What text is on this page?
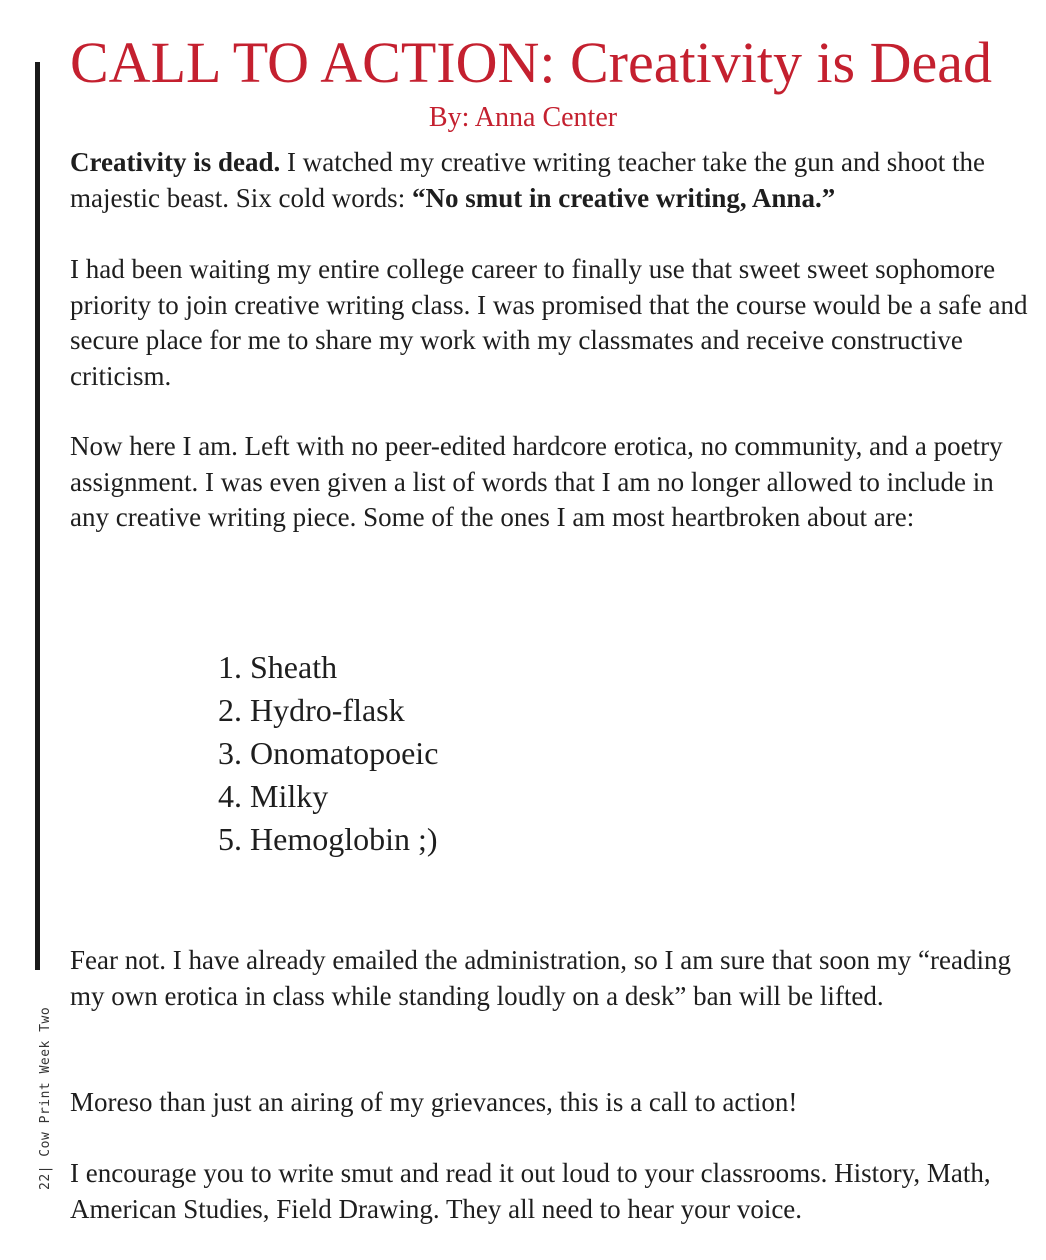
22| Cow Print Week Two
CALL TO ACTION: Creativity is Dead
By: Anna Center

Creativity is dead. I watched my creative writing teacher take the gun and shoot the majestic beast. Six cold words: “No smut in creative writing, Anna.”

I had been waiting my entire college career to finally use that sweet sweet sophomore priority to join creative writing class. I was promised that the course would be a safe and secure place for me to share my work with my classmates and receive constructive criticism.

Now here I am. Left with no peer-edited hardcore erotica, no community, and a poetry assignment. I was even given a list of words that I am no longer allowed to include in any creative writing piece. Some of the ones I am most heartbroken about are:

1. Sheath
2. Hydro-flask
3. Onomatopoeic
4. Milky
5. Hemoglobin ;)

Fear not. I have already emailed the administration, so I am sure that soon my “reading my own erotica in class while standing loudly on a desk” ban will be lifted.

Moreso than just an airing of my grievances, this is a call to action!

I encourage you to write smut and read it out loud to your classrooms. History, Math, American Studies, Field Drawing. They all need to hear your voice.
